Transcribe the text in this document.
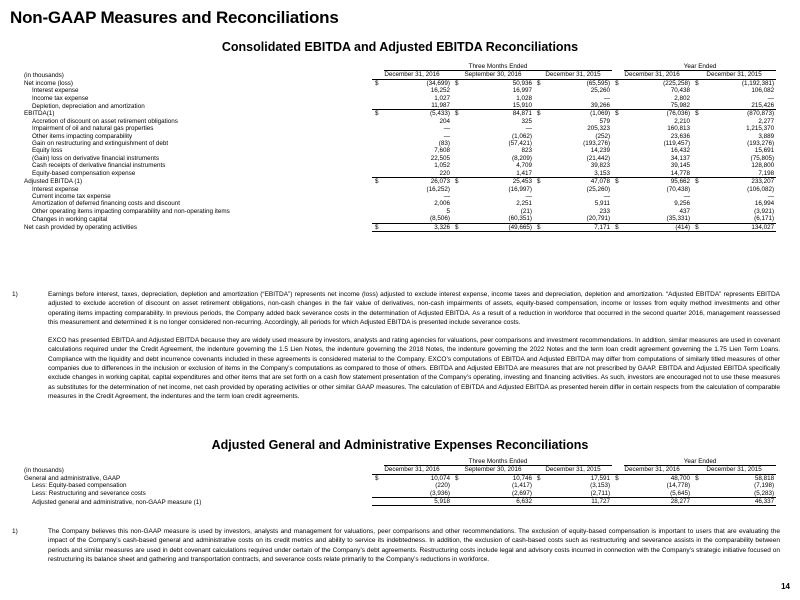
Non-GAAP Measures and Reconciliations
Consolidated EBITDA and Adjusted EBITDA Reconciliations
		Three Months Ended						Year Ended		
(in thousands)	December 31, 2016		September 30, 2016		December 31, 2015		December 31, 2016		December 31, 2015	
Net income (loss)	$	(34,699)	$	50,936	$	(65,595)	$	(225,258)	$	(1,192,381)
Interest expense		16,252		16,997		25,260		70,438		106,082
Income tax expense		1,027		1,028		—		2,802		—
Depletion, depreciation and amortization		11,987		15,910		39,266		75,982		215,426
EBITDA(1)	$	(5,433)	$	84,871	$	(1,069)	$	(76,036)	$	(870,873)
Accretion of discount on asset retirement obligations		204		325		579		2,210		2,277
Impairment of oil and natural gas properties		—		—		205,323		160,813		1,215,370
Other items impacting comparability		—		(1,062)		(252)		23,636		3,889
Gain on restructuring and extinguishment of debt		(83)		(57,421)		(193,276)		(119,457)		(193,276)
Equity loss		7,608		823		14,239		16,432		15,691
(Gain) loss on derivative financial instruments		22,505		(8,209)		(21,442)		34,137		(75,805)
Cash receipts of derivative financial instruments		1,052		4,709		39,823		39,145		128,800
Equity-based compensation expense		220		1,417		3,153		14,778		7,198
Adjusted EBITDA (1)	$	26,073	$	25,453	$	47,078	$	95,662	$	233,207
Interest expense		(16,252)		(16,997)		(25,260)		(70,438)		(106,082)
Current income tax expense		—		—		—		—		—
Amortization of deferred financing costs and discount		2,006		2,251		5,911		9,256		16,994
Other operating items impacting comparability and non-operating items		5		(21)		233		437		(3,921)
Changes in working capital		(8,506)		(60,351)		(20,791)		(35,331)		(6,171)
Net cash provided by operating activities	$	3,326	$	(49,665)	$	7,171	$	(414)	$	134,027
1)	Earnings before interest, taxes, depreciation, depletion and amortization (“EBITDA”) represents net income (loss) adjusted to exclude interest expense, income taxes and depreciation, depletion and amortization. “Adjusted EBITDA” represents EBITDA adjusted to exclude accretion of discount on asset retirement obligations, non-cash changes in the fair value of derivatives, non-cash impairments of assets, equity-based compensation, income or losses from equity method investments and other operating items impacting comparability. In previous periods, the Company added back severance costs in the determination of Adjusted EBITDA. As a result of a reduction in workforce that occurred in the second quarter 2016, management reassessed this measurement and determined it is no longer considered non-recurring. Accordingly, all periods for which Adjusted EBITDA is presented include severance costs.

EXCO has presented EBITDA and Adjusted EBITDA because they are widely used measure by investors, analysts and rating agencies for valuations, peer comparisons and investment recommendations. In addition, similar measures are used in covenant calculations required under the Credit Agreement, the indenture governing the 1.5 Lien Notes, the indenture governing the 2018 Notes, the indenture governing the 2022 Notes and the term loan credit agreement governing the 1.75 Lien Term Loans. Compliance with the liquidity and debt incurrence covenants included in these agreements is considered material to the Company. EXCO’s computations of EBITDA and Adjusted EBITDA may differ from computations of similarly titled measures of other companies due to differences in the inclusion or exclusion of items in the Company’s computations as compared to those of others. EBITDA and Adjusted EBITDA are measures that are not prescribed by GAAP. EBITDA and Adjusted EBITDA specifically exclude changes in working capital, capital expenditures and other items that are set forth on a cash flow statement presentation of the Company’s operating, investing and financing activities. As such, investors are encouraged not to use these measures as substitutes for the determination of net income, net cash provided by operating activities or other similar GAAP measures. The calculation of EBITDA and Adjusted EBITDA as presented herein differ in certain respects from the calculation of comparable measures in the Credit Agreement, the indentures and the term loan credit agreements.

Adjusted General and Administrative Expenses Reconciliations
		Three Months Ended						Year Ended		
(in thousands)	December 31, 2016		September 30, 2016		December 31, 2015		December 31, 2016		December 31, 2015	
General and administrative, GAAP	$	10,074	$	10,746	$	17,591	$	48,700	$	58,818
Less: Equity-based compensation		(220)		(1,417)		(3,153)		(14,778)		(7,198)
Less: Restructuring and severance costs		(3,936)		(2,697)		(2,711)		(5,645)		(5,283)
Adjusted general and administrative, non-GAAP measure (1)		5,918		6,632		11,727		28,277		46,337
1)	The Company believes this non-GAAP measure is used by investors, analysts and management for valuations, peer comparisons and other recommendations. The exclusion of equity-based compensation is important to users that are evaluating the impact of the Company’s cash-based general and administrative costs on its credit metrics and ability to service its indebtedness. In addition, the exclusion of cash-based costs such as restructuring and severance assists in the comparability between periods and similar measures are used in debt covenant calculations required under certain of the Company’s debt agreements. Restructuring costs include legal and advisory costs incurred in connection with the Company’s strategic initiative focused on restructuring its balance sheet and gathering and transportation contracts, and severance costs relate primarily to the Company’s reductions in workforce.

14
